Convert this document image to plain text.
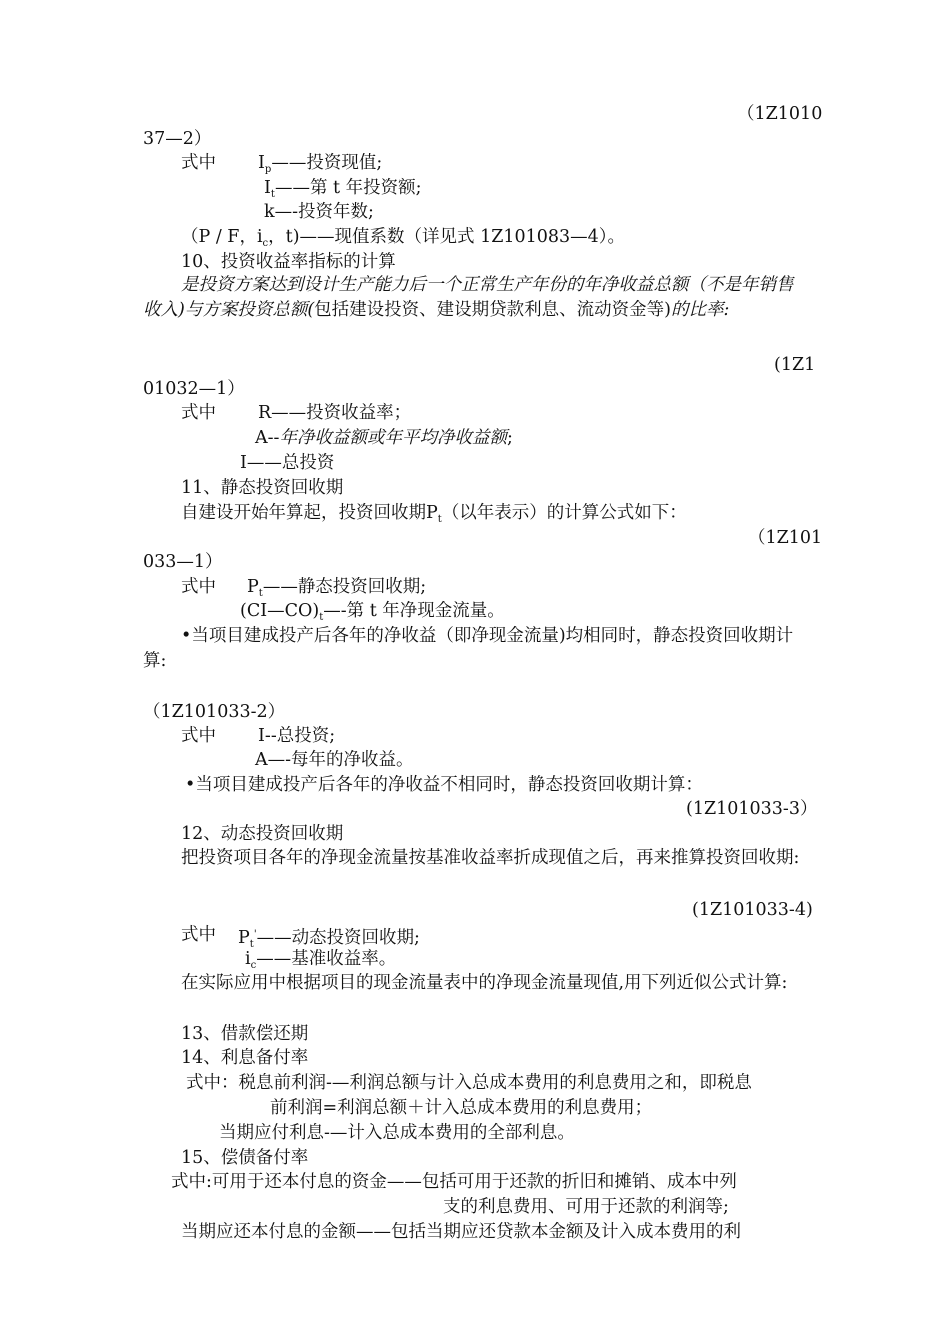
（1Z1010
37—2）
式中 $I_p——$投资现值;
$I_t——$第 t 年投资额;
k—-投资年数;
（P / F，$i_c$，t)——现值系数（详见式 1Z101083—4）。
10、投资收益率指标的计算
是投资方案达到设计生产能力后一个正常生产年份的年净收益总额（不是年销售收入)与方案投资总额(包括建设投资、建设期贷款利息、流动资金等)的比率:
(1Z1
01032—1）
式中 R——投资收益率；
A--年净收益额或年平均净收益额;
I——总投资
11、静态投资回收期
自建设开始年算起，投资回收期$P_t$（以年表示）的计算公式如下：
（1Z101
033—1）
式中 $P_t——$静态投资回收期;
$(CI—CO)_t—-$第 t 年净现金流量。
•当项目建成投产后各年的净收益（即净现金流量)均相同时，静态投资回收期计算:
（1Z101033-2）
式中 I--总投资;
A—-每年的净收益。
•当项目建成投产后各年的净收益不相同时，静态投资回收期计算：
(1Z101033-3）
12、动态投资回收期
把投资项目各年的净现金流量按基准收益率折成现值之后，再来推算投资回收期:
(1Z101033-4)
式中 $P_t'——$动态投资回收期;
$i_c——$基准收益率。
在实际应用中根据项目的现金流量表中的净现金流量现值,用下列近似公式计算:
13、借款偿还期
14、利息备付率
式中：税息前利润-—利润总额与计入总成本费用的利息费用之和，即税息
前利润=利润总额＋计入总成本费用的利息费用；
当期应付利息-—计入总成本费用的全部利息。
15、偿债备付率
式中:可用于还本付息的资金——包括可用于还款的折旧和摊销、成本中列
支的利息费用、可用于还款的利润等;
当期应还本付息的金额——包括当期应还贷款本金额及计入成本费用的利
